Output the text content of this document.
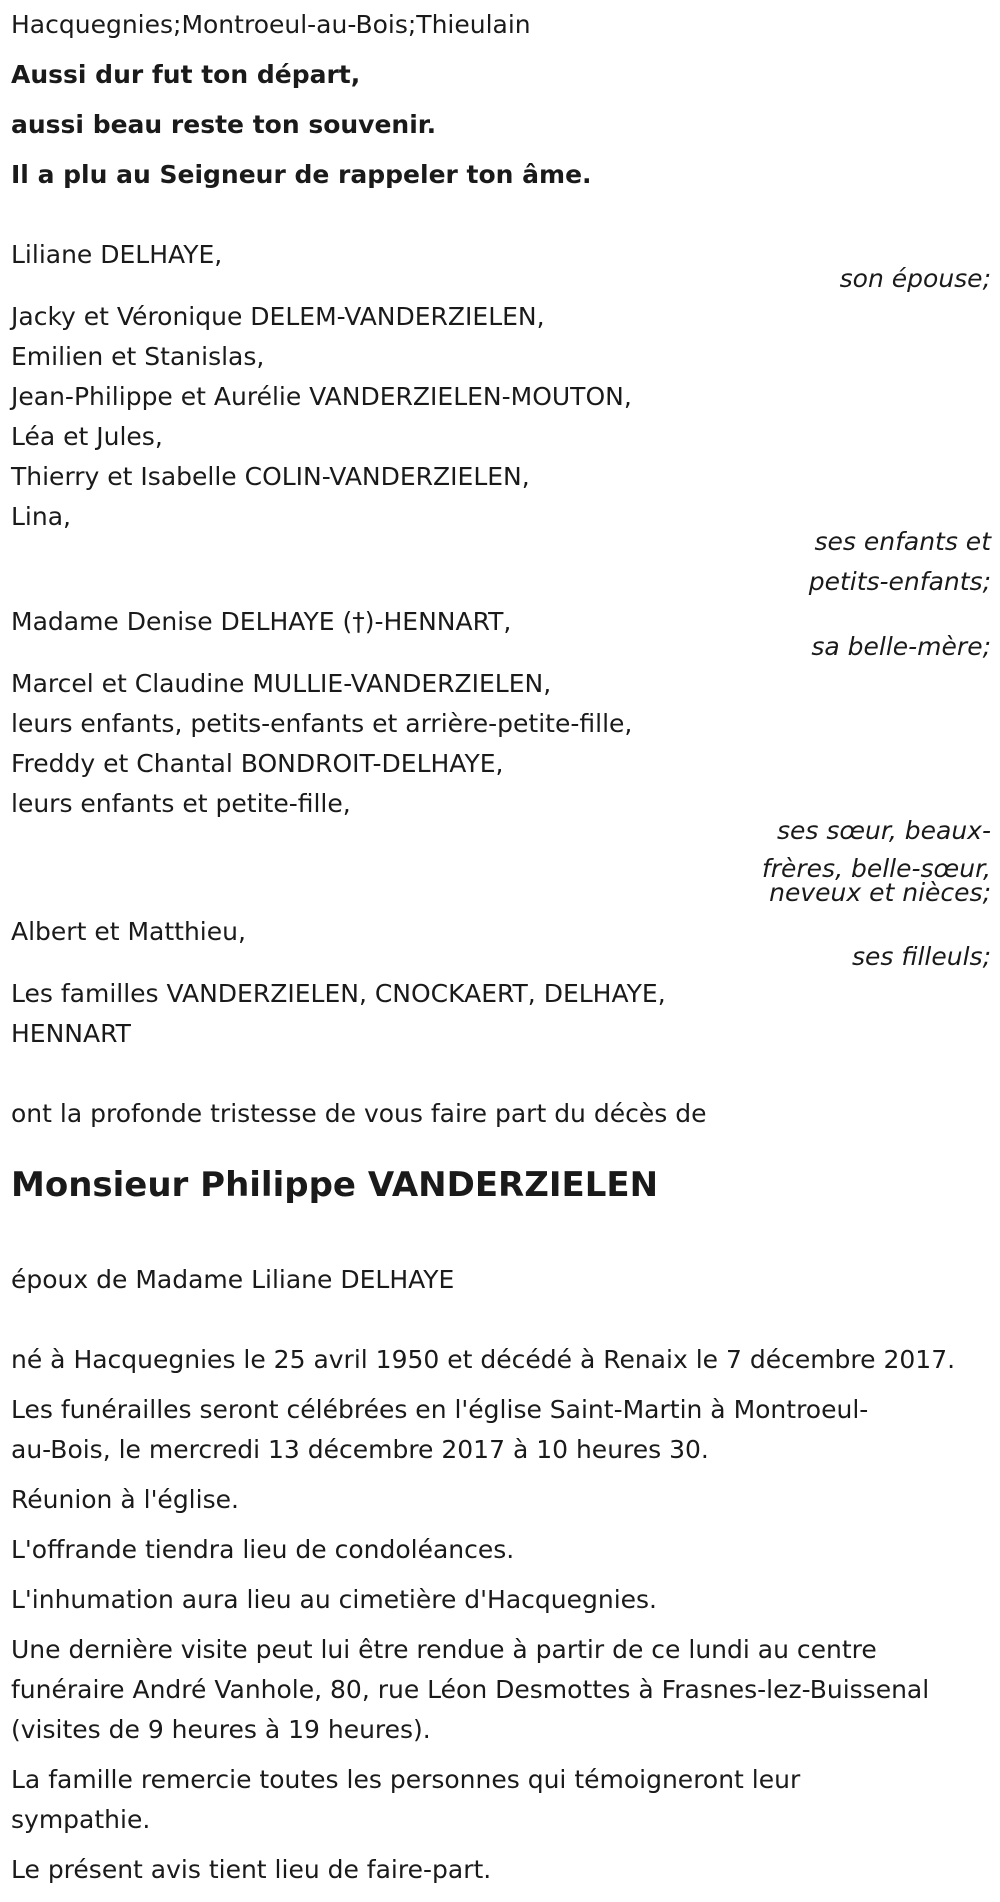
Hacquegnies;Montroeul-au-Bois;Thieulain
Aussi dur fut ton départ,
aussi beau reste ton souvenir.
Il a plu au Seigneur de rappeler ton âme.
Liliane DELHAYE,
son épouse;
Jacky et Véronique DELEM-VANDERZIELEN,
Emilien et Stanislas,
Jean-Philippe et Aurélie VANDERZIELEN-MOUTON,
Léa et Jules,
Thierry et Isabelle COLIN-VANDERZIELEN,
Lina,
ses enfants et
petits-enfants;
Madame Denise DELHAYE (†)-HENNART,
sa belle-mère;
Marcel et Claudine MULLIE-VANDERZIELEN,
leurs enfants, petits-enfants et arrière-petite-fille,
Freddy et Chantal BONDROIT-DELHAYE,
leurs enfants et petite-fille,
ses sœur, beaux-
frères, belle-sœur,
neveux et nièces;
Albert et Matthieu,
ses filleuls;
Les familles VANDERZIELEN, CNOCKAERT, DELHAYE,
HENNART
ont la profonde tristesse de vous faire part du décès de
Monsieur Philippe VANDERZIELEN
époux de Madame Liliane DELHAYE
né à Hacquegnies le 25 avril 1950 et décédé à Renaix le 7 décembre 2017.
Les funérailles seront célébrées en l'église Saint-Martin à Montroeul-
au-Bois, le mercredi 13 décembre 2017 à 10 heures 30.
Réunion à l'église.
L'offrande tiendra lieu de condoléances.
L'inhumation aura lieu au cimetière d'Hacquegnies.
Une dernière visite peut lui être rendue à partir de ce lundi au centre
funéraire André Vanhole, 80, rue Léon Desmottes à Frasnes-lez-Buissenal
(visites de 9 heures à 19 heures).
La famille remercie toutes les personnes qui témoigneront leur
sympathie.
Le présent avis tient lieu de faire-part.
